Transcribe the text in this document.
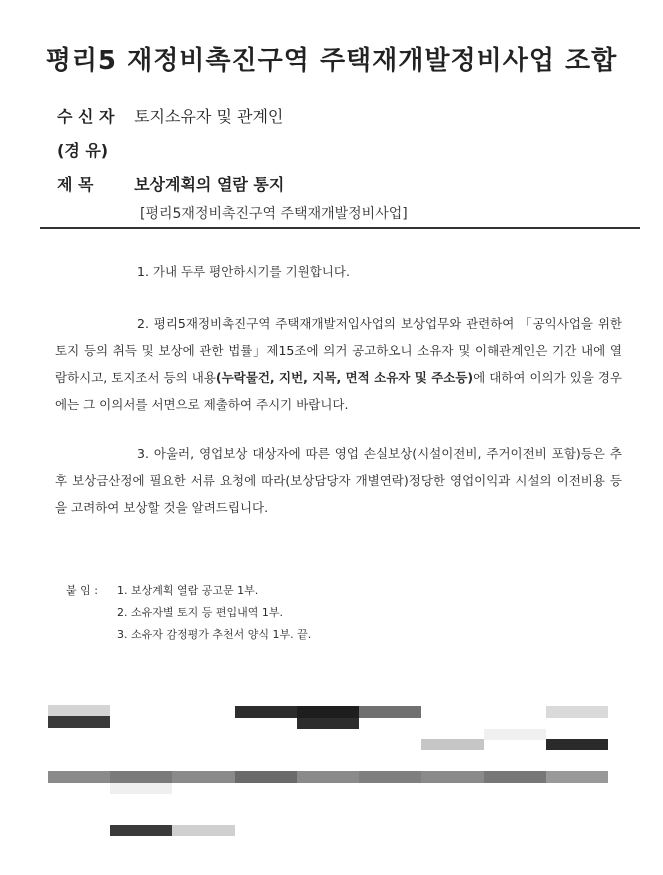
평리5 재정비촉진구역 주택재개발정비사업 조합
수 신 자 토지소유자 및 관계인
(경 유)
제 목	보상계획의 열람 통지
[평리5재정비촉진구역 주택재개발정비사업]
1. 가내 두루 평안하시기를 기원합니다.
2. 평리5재정비촉진구역 주택재개발저입사업의 보상업무와 관련하여 「공익사업을 위한 토지 등의 취득 및 보상에 관한 법률」제15조에 의거 공고하오니 소유자 및 이해관계인은 기간 내에 열람하시고, 토지조서 등의 내용(누락물건, 지번, 지목, 면적 소유자 및 주소등)에 대하여 이의가 있을 경우에는 그 이의서를 서면으로 제출하여 주시기 바랍니다.
3. 아울러, 영업보상 대상자에 따른 영업 손실보상(시설이전비, 주거이전비 포함)등은 추후 보상금산정에 필요한 서류 요청에 따라(보상담당자 개별연락)정당한 영업이익과 시설의 이전비용 등을 고려하여 보상할 것을 알려드립니다.
붙 임 : 1. 보상계획 열람 공고문 1부.
2. 소유자별 토지 등 편입내역 1부.
3. 소유자 감정평가 추천서 양식 1부. 끝.
